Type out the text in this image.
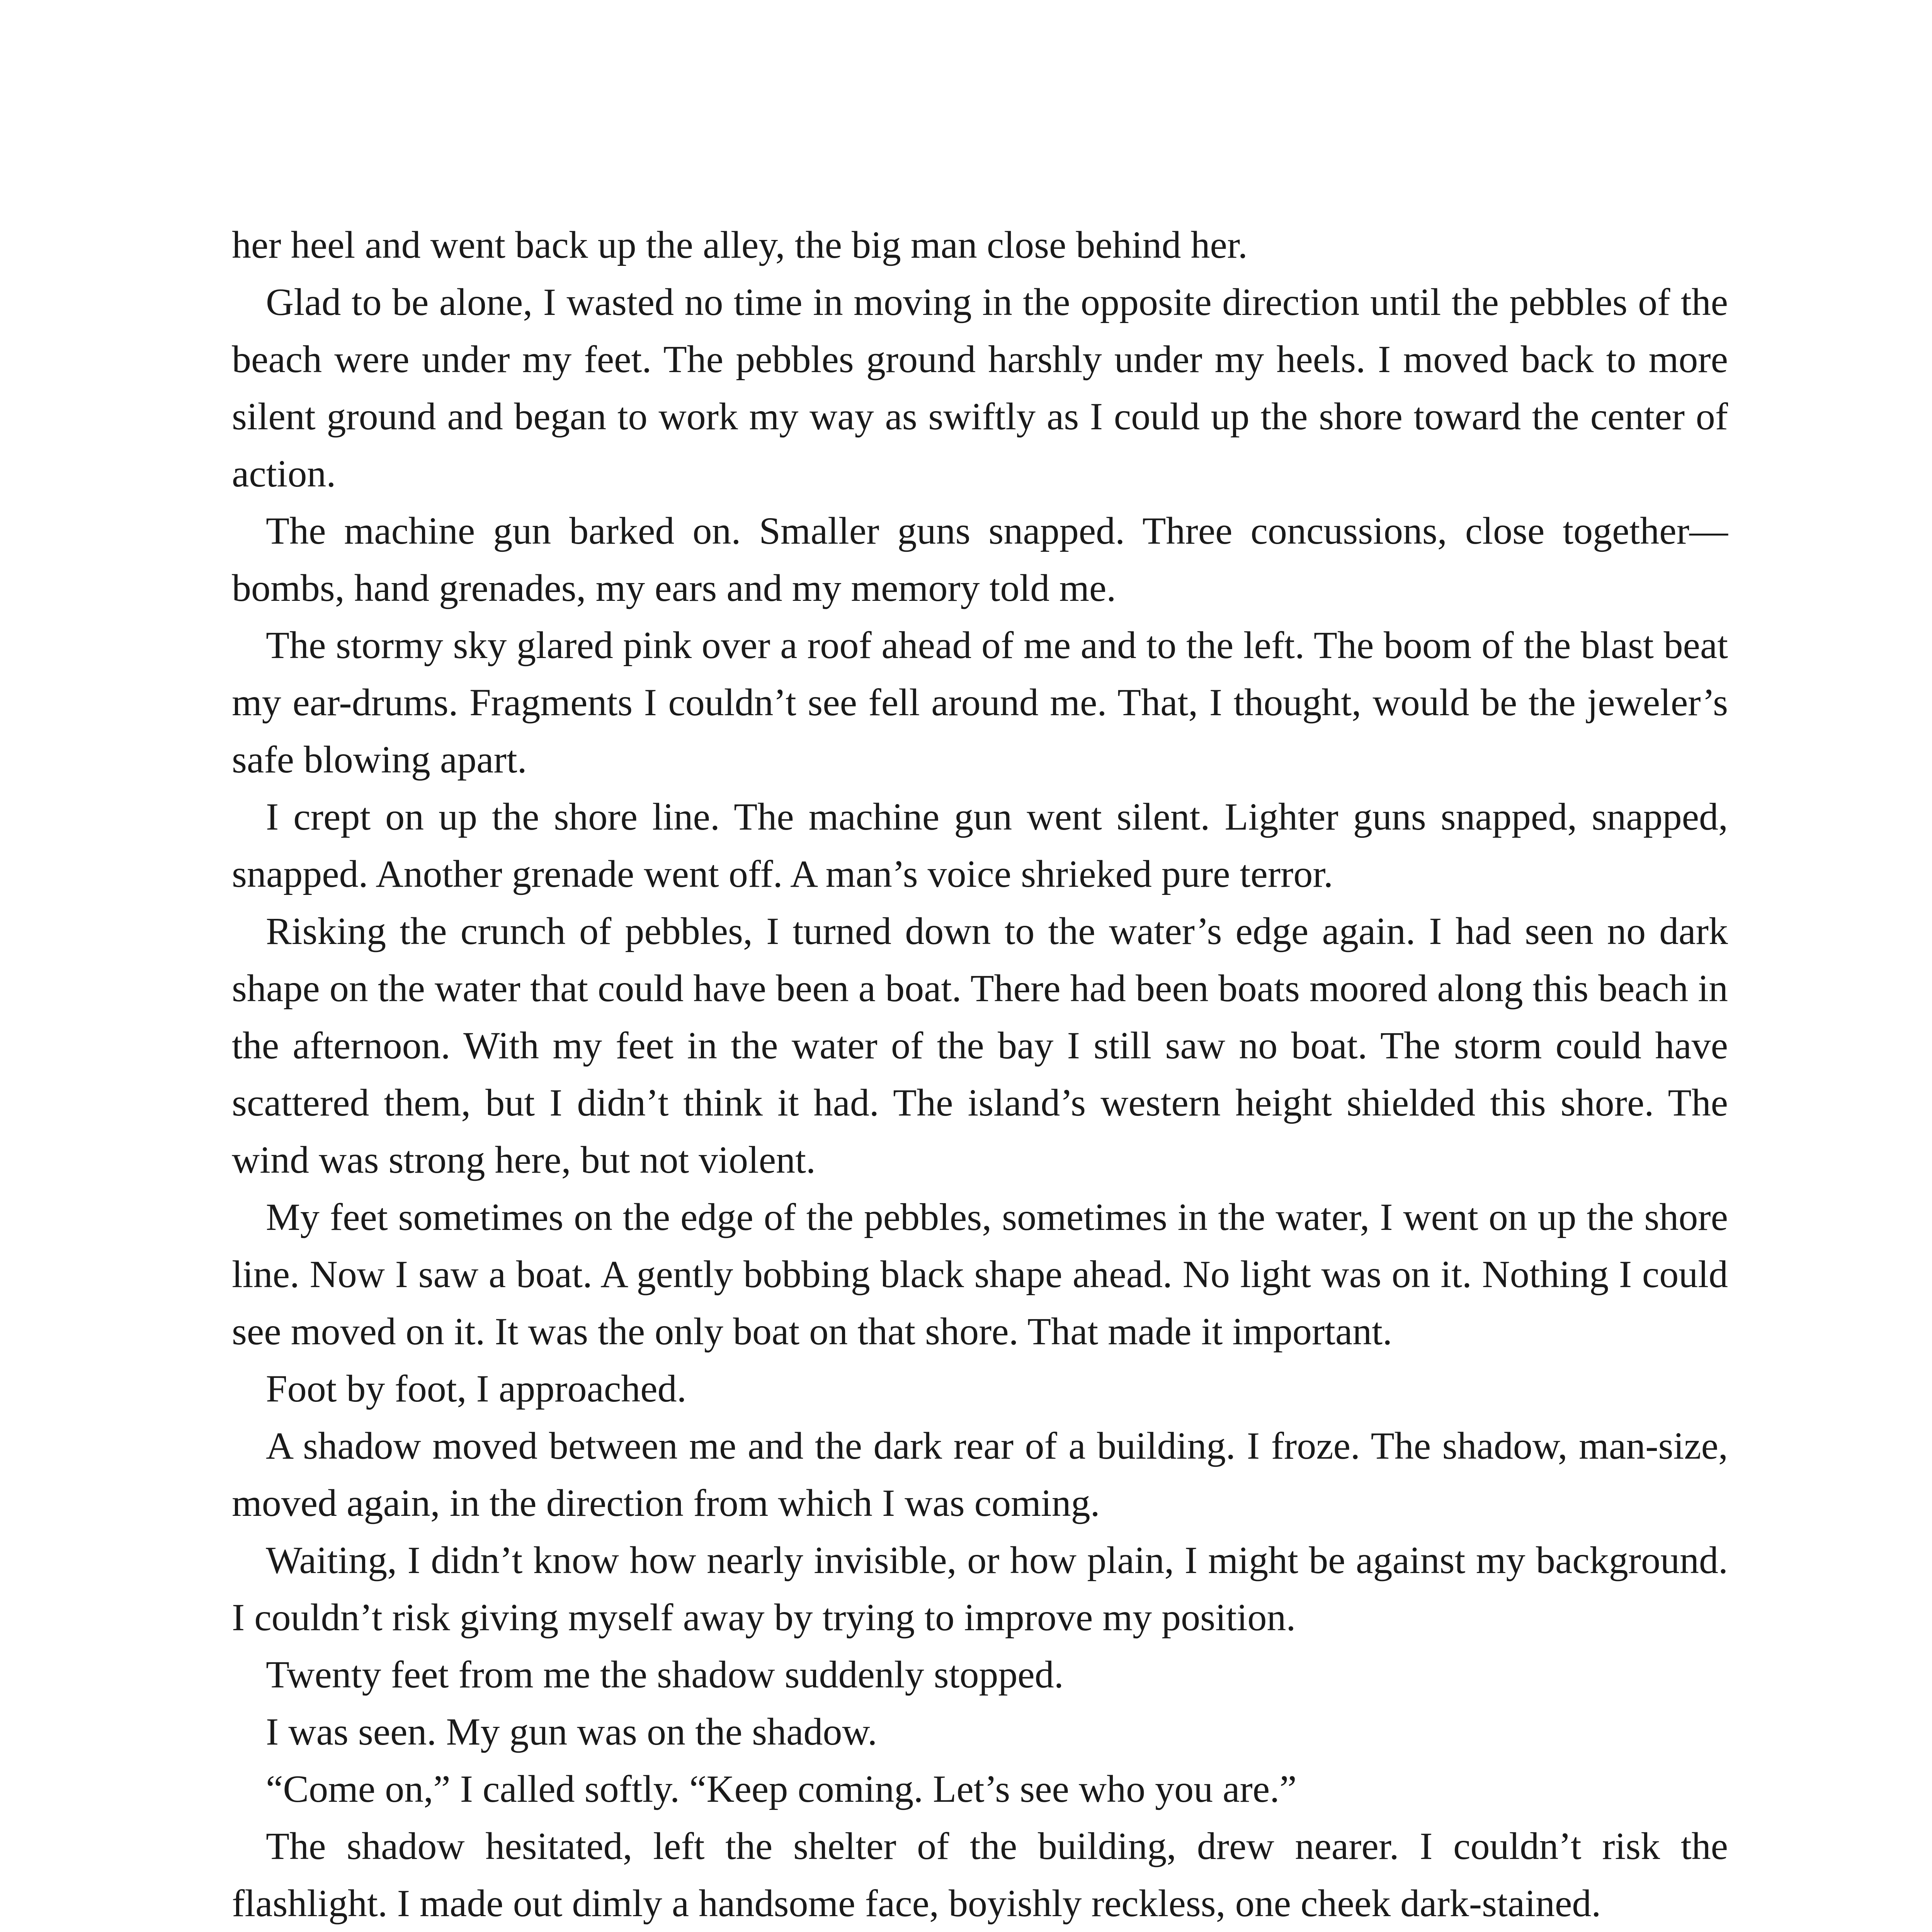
her heel and went back up the alley, the big man close behind her.

Glad to be alone, I wasted no time in moving in the opposite direction until the pebbles of the beach were under my feet. The pebbles ground harshly under my heels. I moved back to more silent ground and began to work my way as swiftly as I could up the shore toward the center of action.

The machine gun barked on. Smaller guns snapped. Three concussions, close together—bombs, hand grenades, my ears and my memory told me.

The stormy sky glared pink over a roof ahead of me and to the left. The boom of the blast beat my ear-drums. Fragments I couldn’t see fell around me. That, I thought, would be the jeweler’s safe blowing apart.

I crept on up the shore line. The machine gun went silent. Lighter guns snapped, snapped, snapped. Another grenade went off. A man’s voice shrieked pure terror.

Risking the crunch of pebbles, I turned down to the water’s edge again. I had seen no dark shape on the water that could have been a boat. There had been boats moored along this beach in the afternoon. With my feet in the water of the bay I still saw no boat. The storm could have scattered them, but I didn’t think it had. The island’s western height shielded this shore. The wind was strong here, but not violent.

My feet sometimes on the edge of the pebbles, sometimes in the water, I went on up the shore line. Now I saw a boat. A gently bobbing black shape ahead. No light was on it. Nothing I could see moved on it. It was the only boat on that shore. That made it important.

Foot by foot, I approached.

A shadow moved between me and the dark rear of a building. I froze. The shadow, man-size, moved again, in the direction from which I was coming.

Waiting, I didn’t know how nearly invisible, or how plain, I might be against my background. I couldn’t risk giving myself away by trying to improve my position.

Twenty feet from me the shadow suddenly stopped.

I was seen. My gun was on the shadow.

“Come on,” I called softly. “Keep coming. Let’s see who you are.”

The shadow hesitated, left the shelter of the building, drew nearer. I couldn’t risk the flashlight. I made out dimly a handsome face, boyishly reckless, one cheek dark-stained.
